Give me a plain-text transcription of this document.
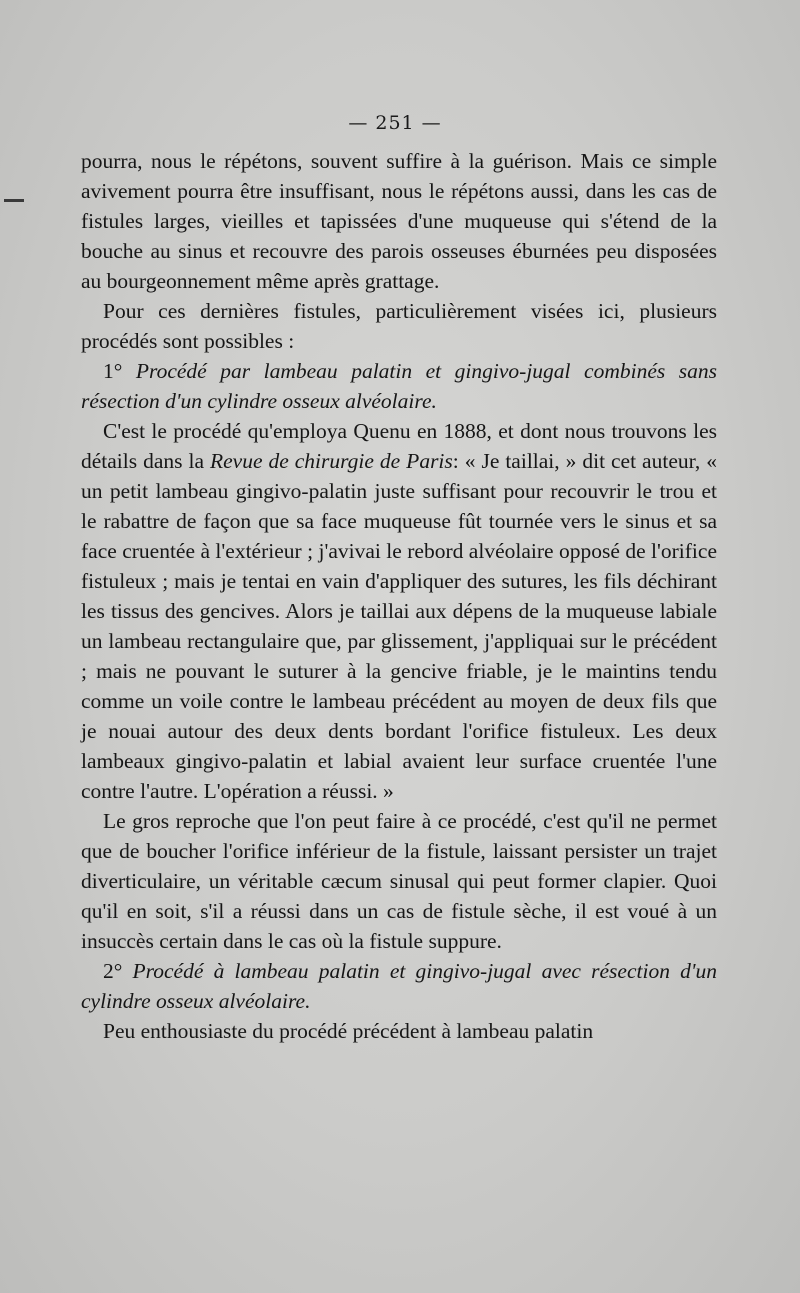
— 251 —

pourra, nous le répétons, souvent suffire à la guérison. Mais ce simple avivement pourra être insuffisant, nous le répétons aussi, dans les cas de fistules larges, vieilles et tapissées d'une muqueuse qui s'étend de la bouche au sinus et recouvre des parois osseuses éburnées peu disposées au bourgeonnement même après grattage.

Pour ces dernières fistules, particulièrement visées ici, plusieurs procédés sont possibles :

1° Procédé par lambeau palatin et gingivo-jugal combinés sans résection d'un cylindre osseux alvéolaire.

C'est le procédé qu'employa Quenu en 1888, et dont nous trouvons les détails dans la Revue de chirurgie de Paris: « Je taillai, » dit cet auteur, « un petit lambeau gingivo-palatin juste suffisant pour recouvrir le trou et le rabattre de façon que sa face muqueuse fût tournée vers le sinus et sa face cruentée à l'extérieur ; j'avivai le rebord alvéolaire opposé de l'orifice fistuleux ; mais je tentai en vain d'appliquer des sutures, les fils déchirant les tissus des gencives. Alors je taillai aux dépens de la muqueuse labiale un lambeau rectangulaire que, par glissement, j'appliquai sur le précédent ; mais ne pouvant le suturer à la gencive friable, je le maintins tendu comme un voile contre le lambeau précédent au moyen de deux fils que je nouai autour des deux dents bordant l'orifice fistuleux. Les deux lambeaux gingivo-palatin et labial avaient leur surface cruentée l'une contre l'autre. L'opération a réussi. »

Le gros reproche que l'on peut faire à ce procédé, c'est qu'il ne permet que de boucher l'orifice inférieur de la fistule, laissant persister un trajet diverticulaire, un véritable cæcum sinusal qui peut former clapier. Quoi qu'il en soit, s'il a réussi dans un cas de fistule sèche, il est voué à un insuccès certain dans le cas où la fistule suppure.

2° Procédé à lambeau palatin et gingivo-jugal avec résection d'un cylindre osseux alvéolaire.

Peu enthousiaste du procédé précédent à lambeau palatin
